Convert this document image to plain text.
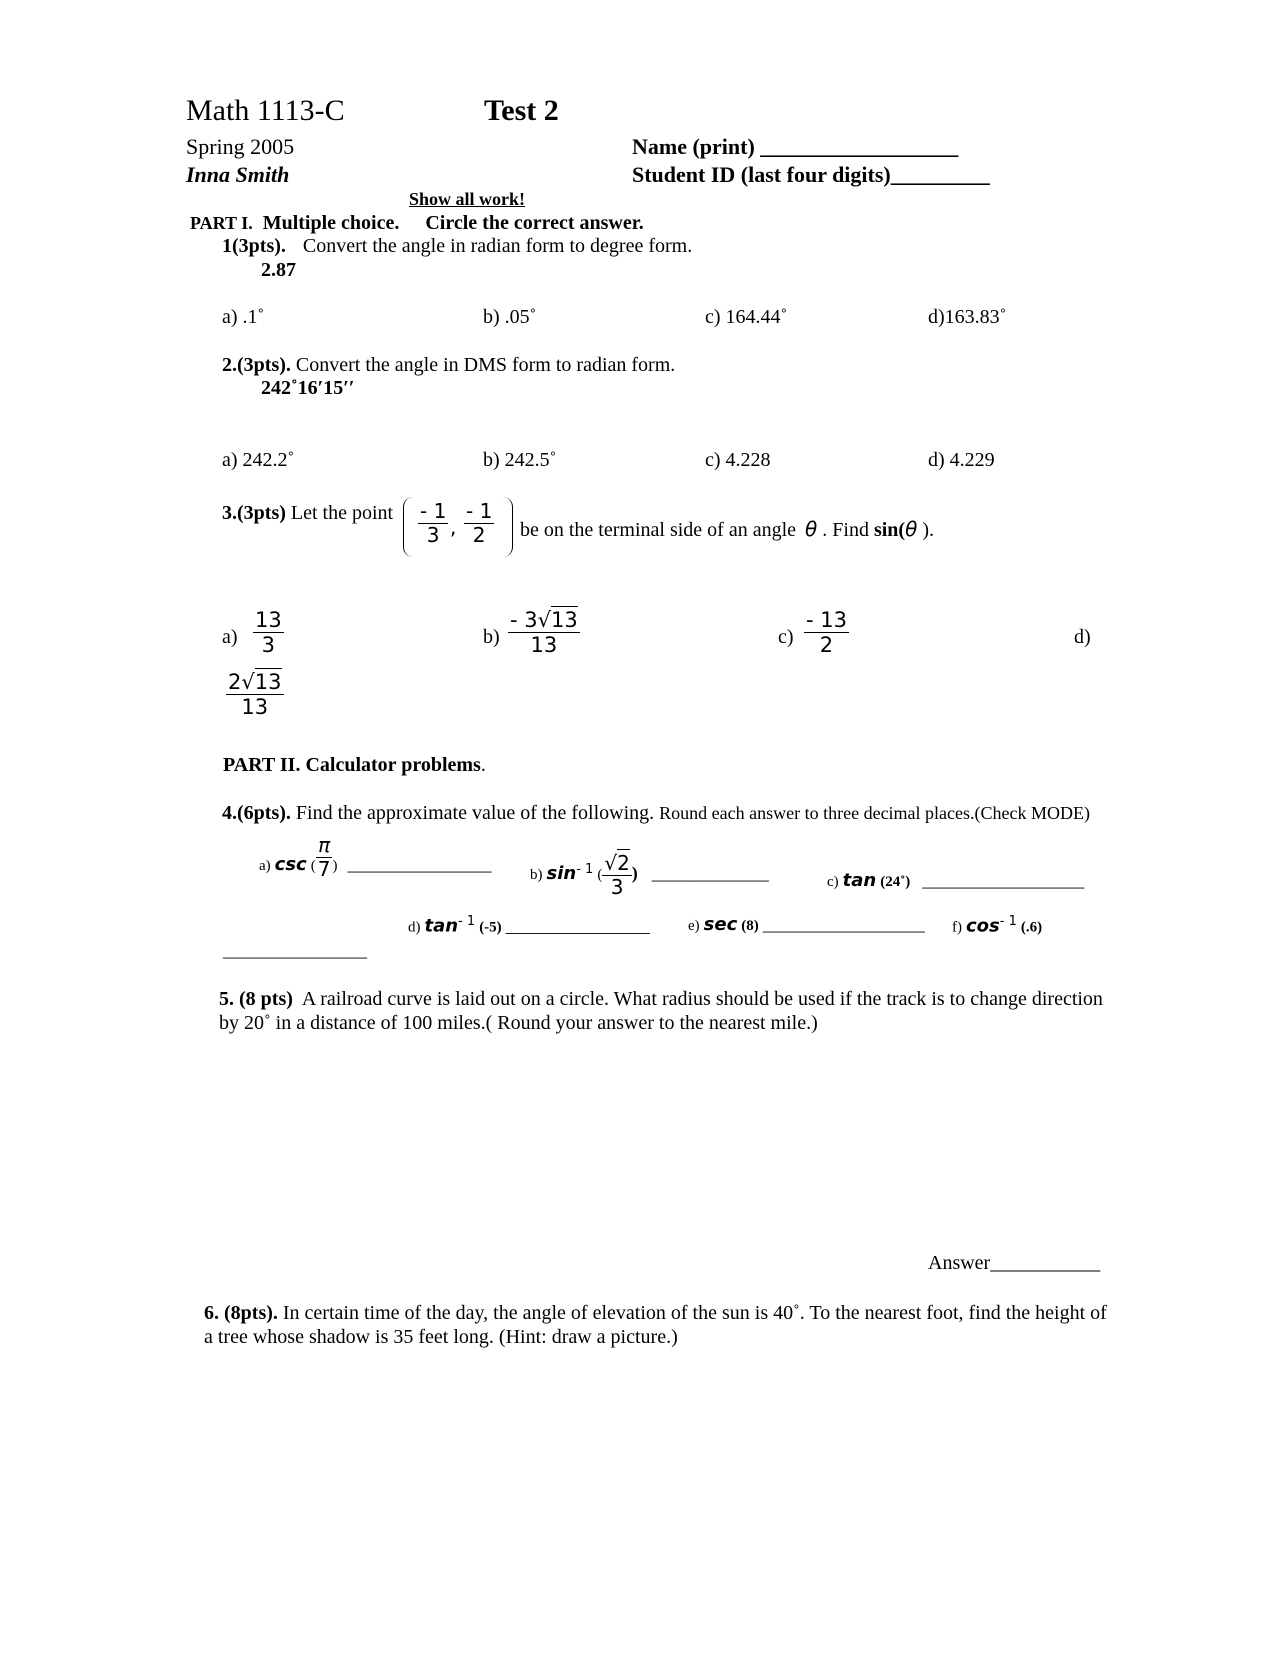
Math 1113-C	Test 2
Spring 2005
Inna Smith
Name (print) __________________
Student ID (last four digits)_________
Show all work!
PART I. Multiple choice. Circle the correct answer.
1(3pts). Convert the angle in radian form to degree form.
2.87
a) .1˚	b) .05˚	c) 164.44˚	d)163.83˚
2.(3pts). Convert the angle in DMS form to radian form.
242˚16′15′′
a) 242.2˚	b) 242.5˚	c) 4.228	d) 4.229
3.(3pts) Let the point $\frac{- 1}{3}$ , $\frac{- 1}{2}$ be on the terminal side of an angle θ . Find sin(θ ).
$a) \frac{13}{3}$	$b) \frac{- 3√13}{13}$	$c) \frac{- 13}{2}$	d)
$\frac{2√13}{13}$
PART II. Calculator problems.
4.(6pts). Find the approximate value of the following. Round each answer to three decimal places.(Check MODE)
a) csc ( $\frac{\pi}{7}$ ) ________________
b) $\sin^{- 1}$ ( $\frac{√2}{3}$ ) _____________	c) tan (24˚) __________________
d) $\tan^{- 1} (-5)$ ________________	e) sec (8) __________________ f) $\cos^{- 1} (.6)$
________________
5. (8 pts) A railroad curve is laid out on a circle. What radius should be used if the track is to change direction
by 20˚ in a distance of 100 miles.( Round your answer to the nearest mile.)
Answer___________
6. (8pts). In certain time of the day, the angle of elevation of the sun is 40˚. To the nearest foot, find the height of
a tree whose shadow is 35 feet long. (Hint: draw a picture.)
